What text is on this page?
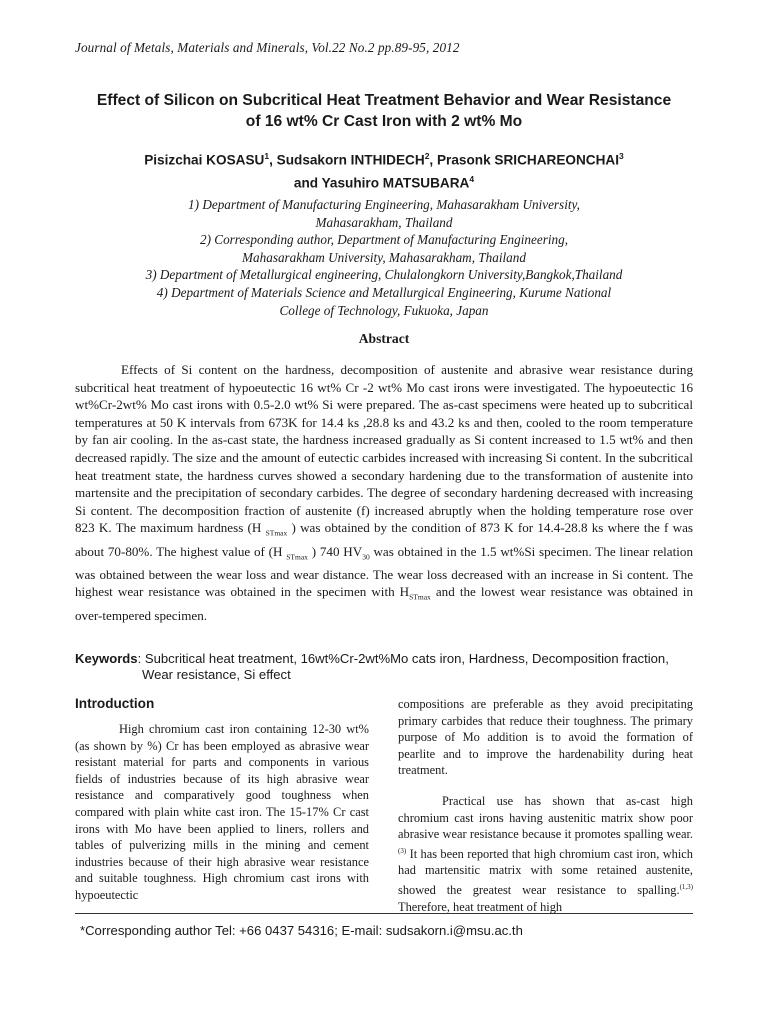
Journal of Metals, Materials and Minerals, Vol.22 No.2 pp.89-95, 2012
Effect of Silicon on Subcritical Heat Treatment Behavior and Wear Resistance
of 16 wt% Cr Cast Iron with 2 wt% Mo
Pisizchai KOSASU$^1$, Sudsakorn INTHIDECH$^2$, Prasonk SRICHAREONCHAI$^3$
and Yasuhiro MATSUBARA$^4$
1) Department of Manufacturing Engineering, Mahasarakham University,
Mahasarakham, Thailand
2) Corresponding author, Department of Manufacturing Engineering,
Mahasarakham University, Mahasarakham, Thailand
3) Department of Metallurgical engineering, Chulalongkorn University,Bangkok,Thailand
4) Department of Materials Science and Metallurgical Engineering, Kurume National
College of Technology, Fukuoka, Japan
Abstract
Effects of Si content on the hardness, decomposition of austenite and abrasive wear resistance during subcritical heat treatment of hypoeutectic 16 wt% Cr -2 wt% Mo cast irons were investigated. The hypoeutectic 16 wt%Cr-2wt% Mo cast irons with 0.5-2.0 wt% Si were prepared. The as-cast specimens were heated up to subcritical temperatures at 50 K intervals from 673K for 14.4 ks ,28.8 ks and 43.2 ks and then, cooled to the room temperature by fan air cooling. In the as-cast state, the hardness increased gradually as Si content increased to 1.5 wt% and then decreased rapidly. The size and the amount of eutectic carbides increased with increasing Si content. In the subcritical heat treatment state, the hardness curves showed a secondary hardening due to the transformation of austenite into martensite and the precipitation of secondary carbides. The degree of secondary hardening decreased with increasing Si content. The decomposition fraction of austenite (f) increased abruptly when the holding temperature rose over 823 K. The maximum hardness (H $_{STmax}$ ) was obtained by the condition of 873 K for 14.4-28.8 ks where the f was about 70-80%. The highest value of (H $_{STmax}$ ) 740 $HV_{30}$ was obtained in the 1.5 wt%Si specimen. The linear relation was obtained between the wear loss and wear distance. The wear loss decreased with an increase in Si content. The highest wear resistance was obtained in the specimen with $H_{STmax}$ and the lowest wear resistance was obtained in over-tempered specimen.
Keywords: Subcritical heat treatment, 16wt%Cr-2wt%Mo cats iron, Hardness, Decomposition fraction,
Wear resistance, Si effect
Introduction

High chromium cast iron containing 12-30 wt% (as shown by %) Cr has been employed as abrasive wear resistant material for parts and components in various fields of industries because of its high abrasive wear resistance and comparatively good toughness when compared with plain white cast iron. The 15-17% Cr cast irons with Mo have been applied to liners, rollers and tables of pulverizing mills in the mining and cement industries because of their high abrasive wear resistance and suitable toughness. High chromium cast irons with hypoeutectic

compositions are preferable as they avoid precipitating primary carbides that reduce their toughness. The primary purpose of Mo addition is to avoid the formation of pearlite and to improve the hardenability during heat treatment.

Practical use has shown that as-cast high chromium cast irons having austenitic matrix show poor abrasive wear resistance because it promotes spalling wear.$^{(3)}$ It has been reported that high chromium cast iron, which had martensitic matrix with some retained austenite, showed the greatest wear resistance to spalling.$^{(1,3)}$ Therefore, heat treatment of high

*Corresponding author Tel: +66 0437 54316; E-mail: sudsakorn.i@msu.ac.th
